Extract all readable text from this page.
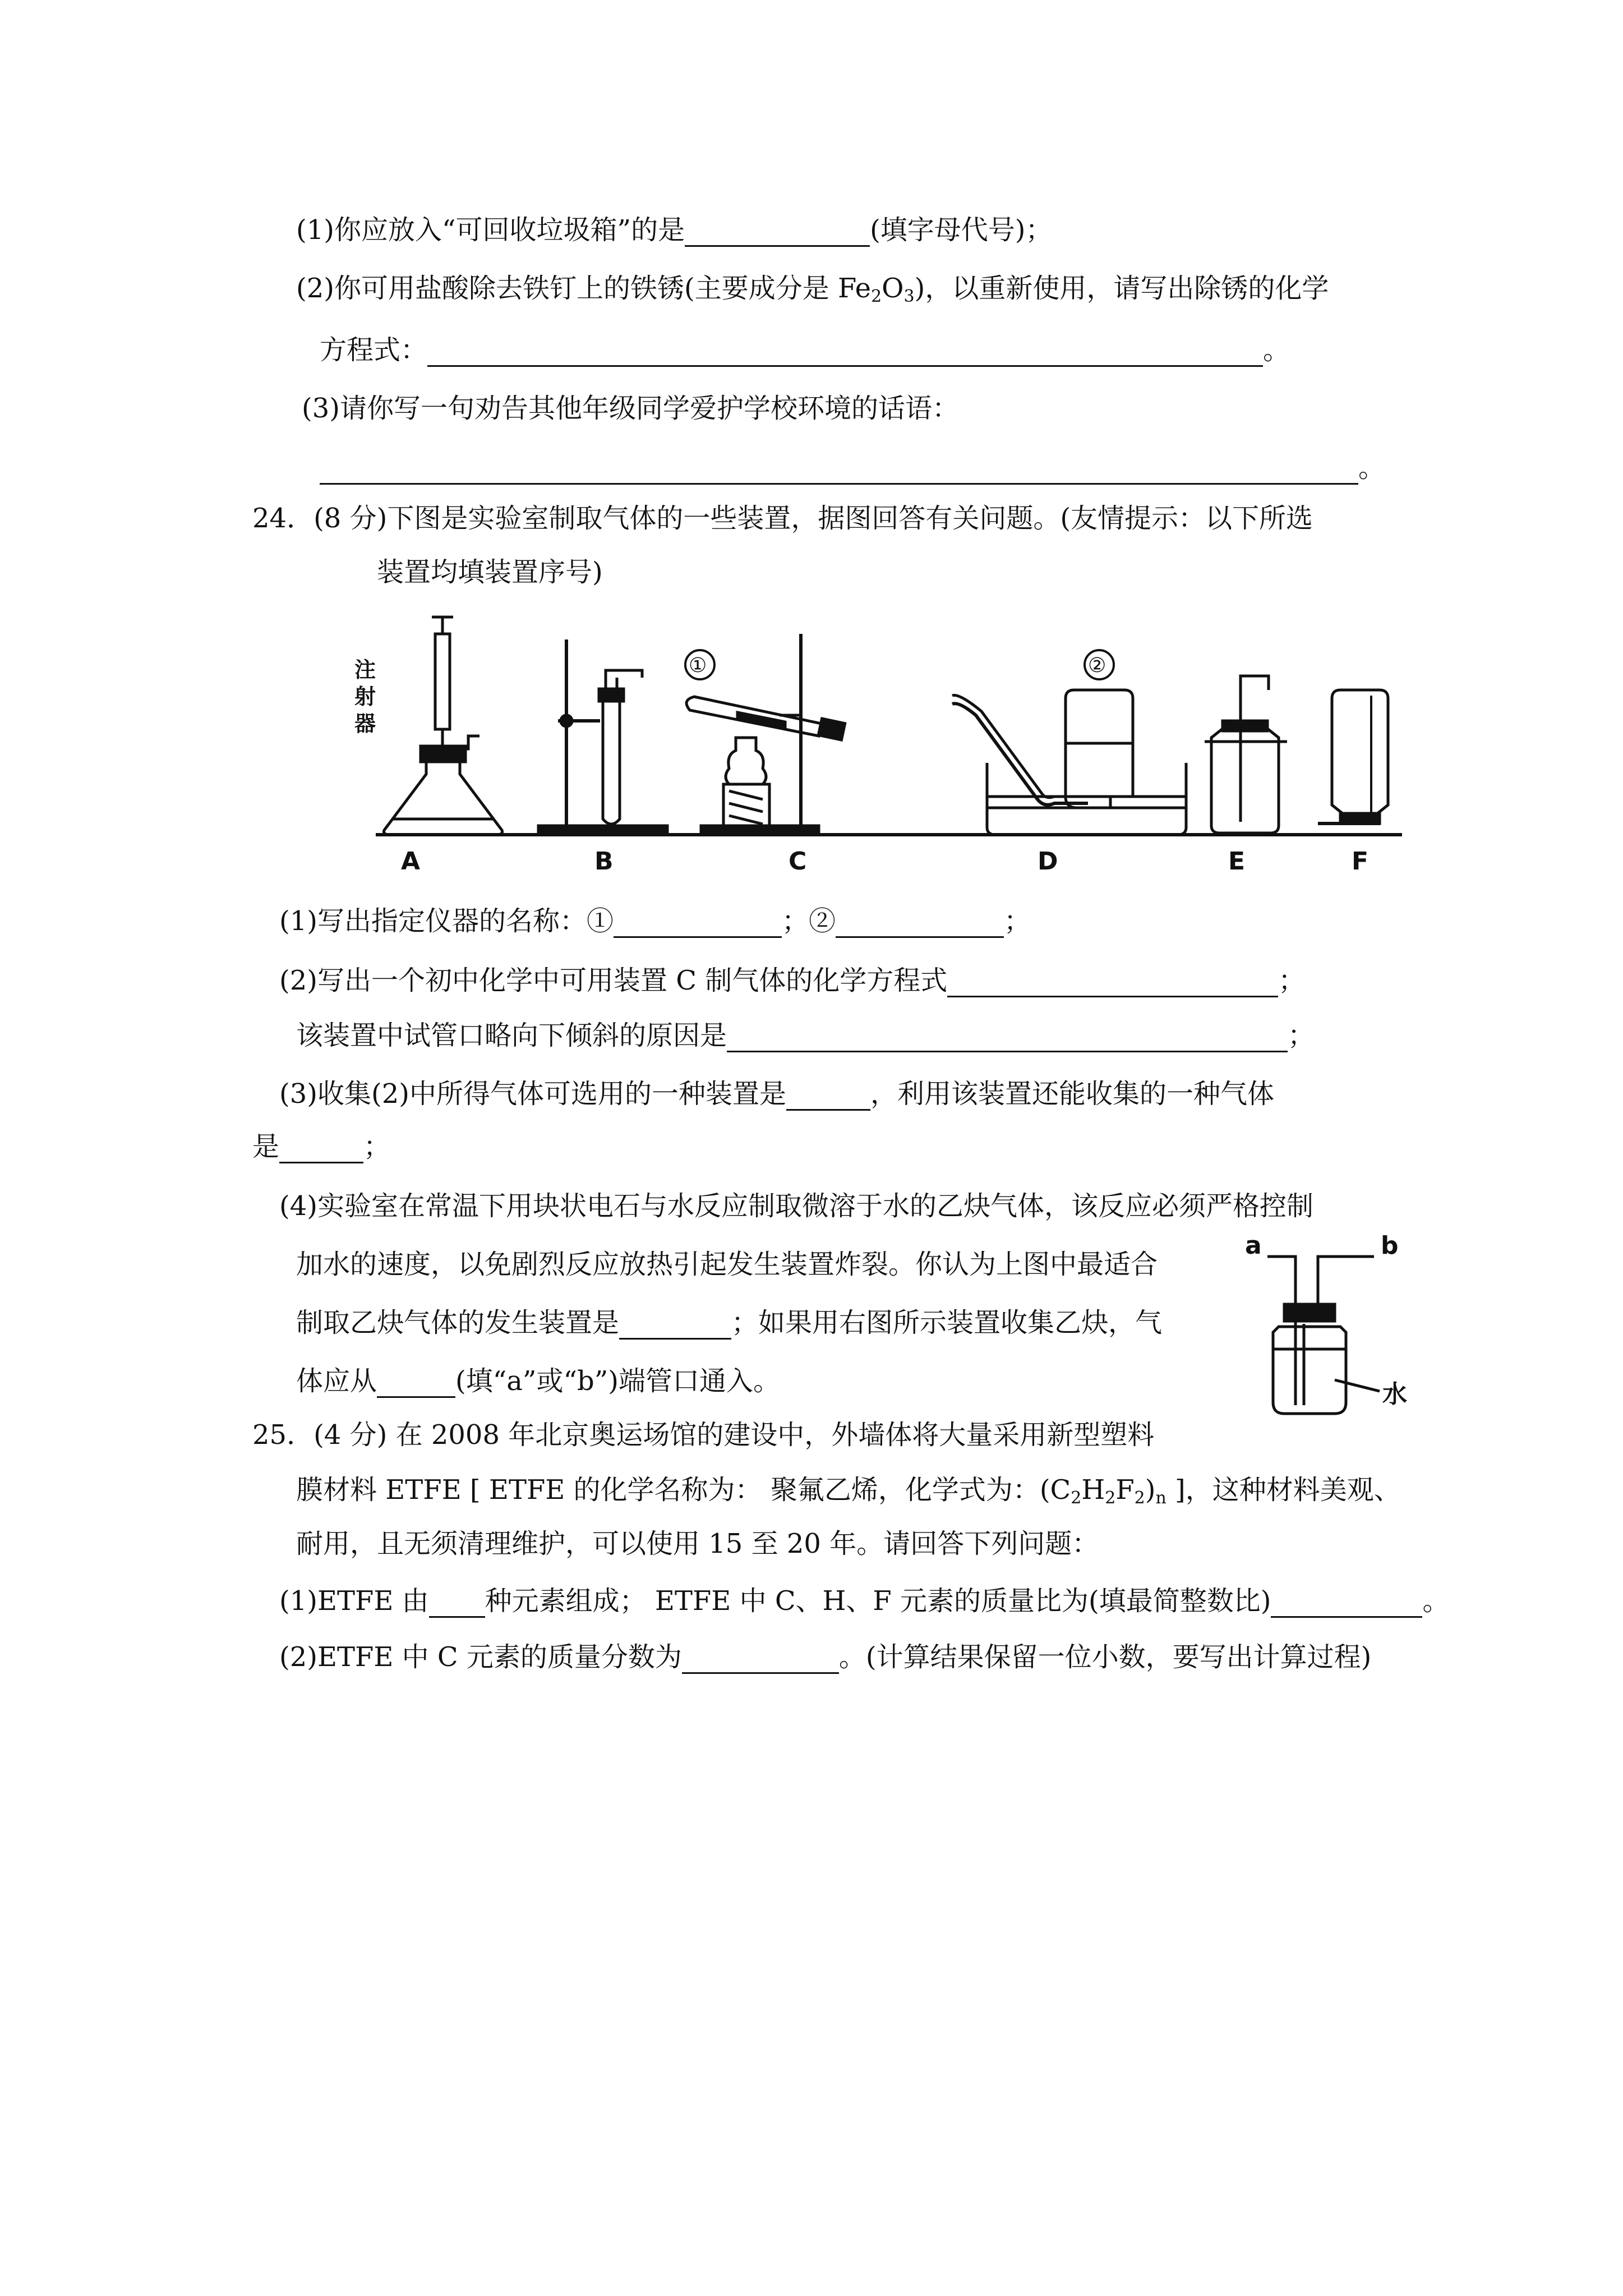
(1)你应放入“可回收垃圾箱”的是	(填字母代号)；
(2)你可用盐酸除去铁钉上的铁锈(主要成分是 $Fe_2O_3$)，以重新使用，请写出除锈的化学
方程式：	。
(3)请你写一句劝告其他年级同学爱护学校环境的话语：
。
24．(8 分)下图是实验室制取气体的一些装置，据图回答有关问题。(友情提示：以下所选
装置均填装置序号)
①	②
A	B	C	D	E	F
注射器
(1)写出指定仪器的名称：①	；②	；
(2)写出一个初中化学中可用装置 C 制气体的化学方程式	；
该装置中试管口略向下倾斜的原因是	；
(3)收集(2)中所得气体可选用的一种装置是	，利用该装置还能收集的一种气体
是	；
(4)实验室在常温下用块状电石与水反应制取微溶于水的乙炔气体，该反应必须严格控制
加水的速度，以免剧烈反应放热引起发生装置炸裂。你认为上图中最适合
制取乙炔气体的发生装置是	；如果用右图所示装置收集乙炔，气
体应从	(填“a”或“b”)端管口通入。
a	b
水
25．(4 分) 在 2008 年北京奥运场馆的建设中，外墙体将大量采用新型塑料
膜材料 ETFE [ ETFE 的化学名称为： 聚氟乙烯，化学式为：$(C_2H_2F_2)_n$ ]，这种材料美观、
耐用，且无须清理维护，可以使用 15 至 20 年。请回答下列问题：
(1)ETFE 由 种元素组成； ETFE 中 C、H、F 元素的质量比为(填最简整数比)	。
(2)ETFE 中 C 元素的质量分数为	。(计算结果保留一位小数，要写出计算过程)
